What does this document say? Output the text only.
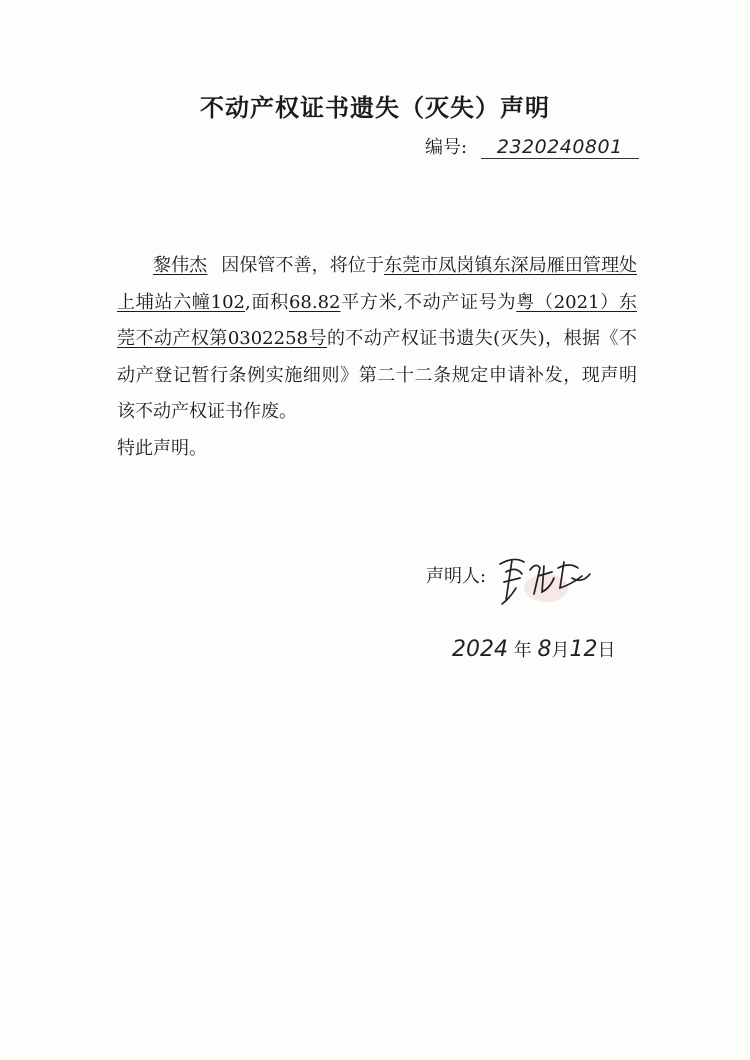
不动产权证书遗失（灭失）声明
编号: 2320240801

黎伟杰 因保管不善，将位于东莞市凤岗镇东深局雁田管理处上埔站六幢102,面积68.82平方米,不动产证号为粤（2021）东莞不动产权第0302258号的不动产权证书遗失(灭失)，根据《不动产登记暂行条例实施细则》第二十二条规定申请补发，现声明该不动产权证书作废。

特此声明。

声明人:
2024 年 8月12日
